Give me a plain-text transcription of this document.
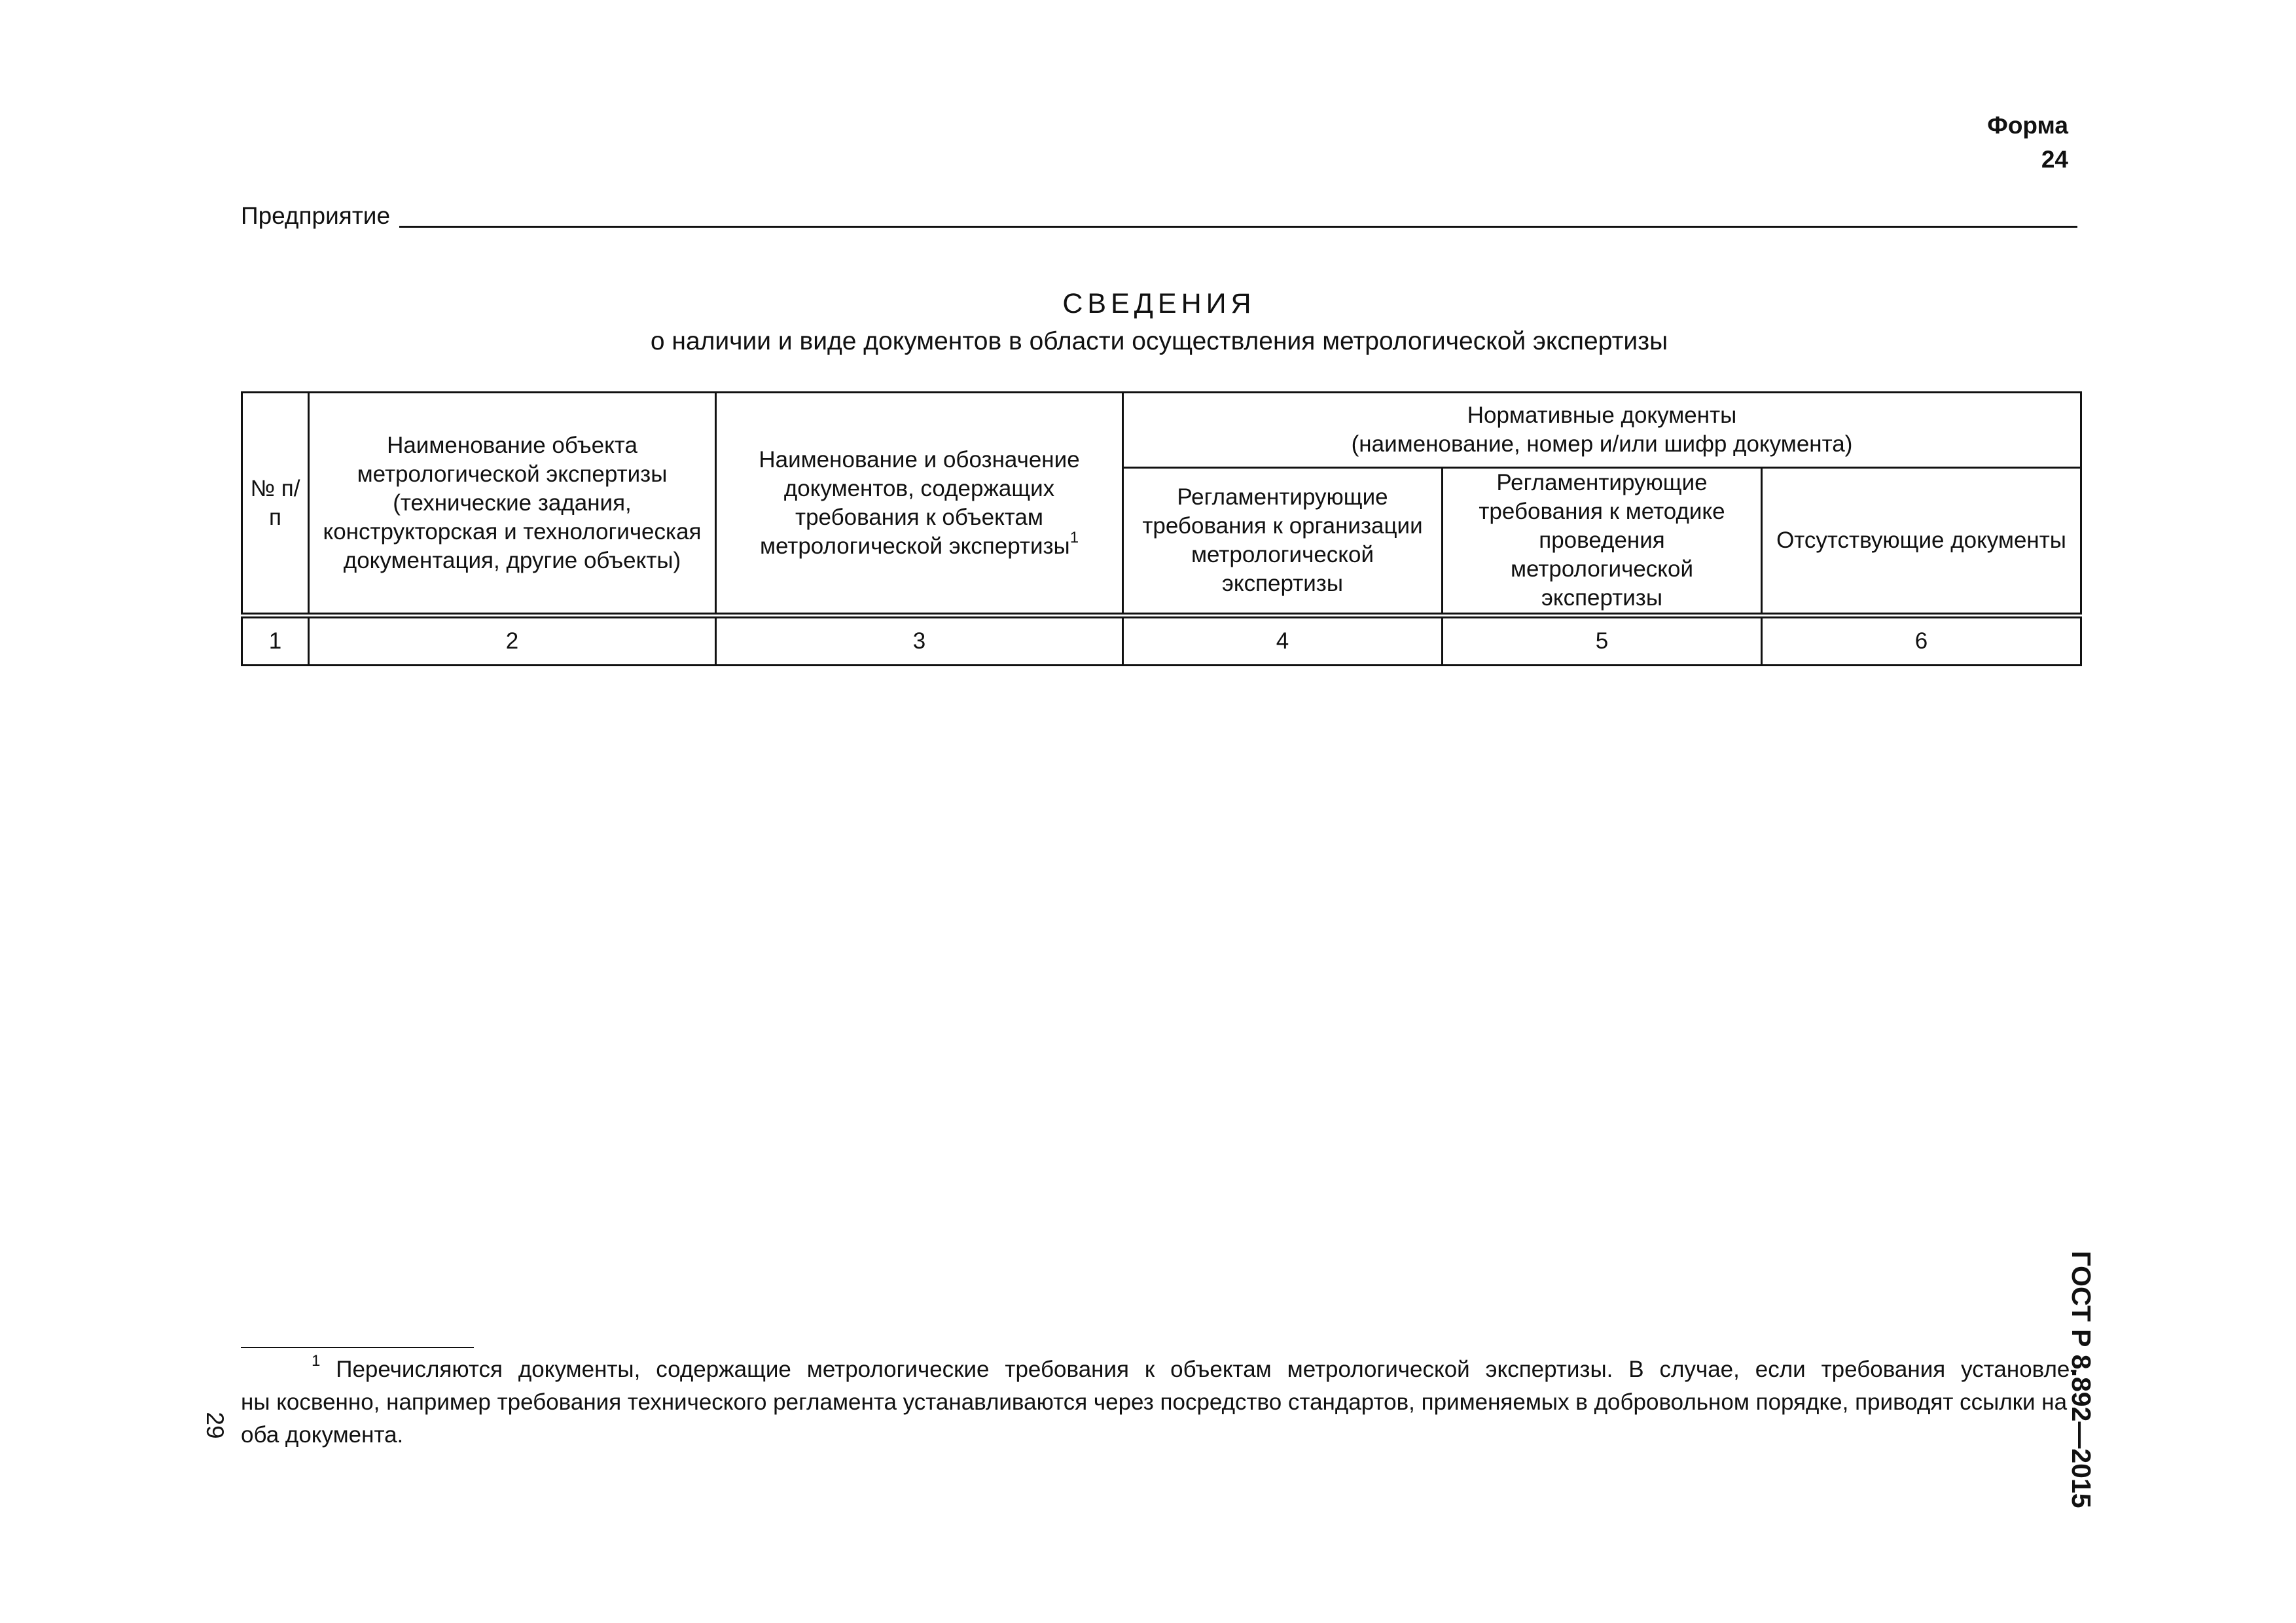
Форма 24
Предприятие
СВЕДЕНИЯ
о наличии и виде документов в области осуществления метрологической экспертизы
№ п/п	Наименование объекта метрологической экспертизы (технические задания, конструкторская и технологическая документация, другие объекты)	Наименование и обозначение документов, содержащих требования к объектам метрологической экспертизы$^1$	Нормативные документы
(наименование, номер и/или шифр документа)		

			Регламентирующие требования к организации метрологической экспертизы	Регламентирующие требования к методике проведения метрологической экспертизы	Отсутствующие документы
1	2	3	4	5	6
$^1$ Перечисляются документы, содержащие метрологические требования к объектам метрологической экспертизы. В случае, если требования установле-
ны косвенно, например требования технического регламента устанавливаются через посредство стандартов, применяемых в добровольном порядке, приводят ссылки на оба документа.
29	ГОСТ Р 8.892—2015
